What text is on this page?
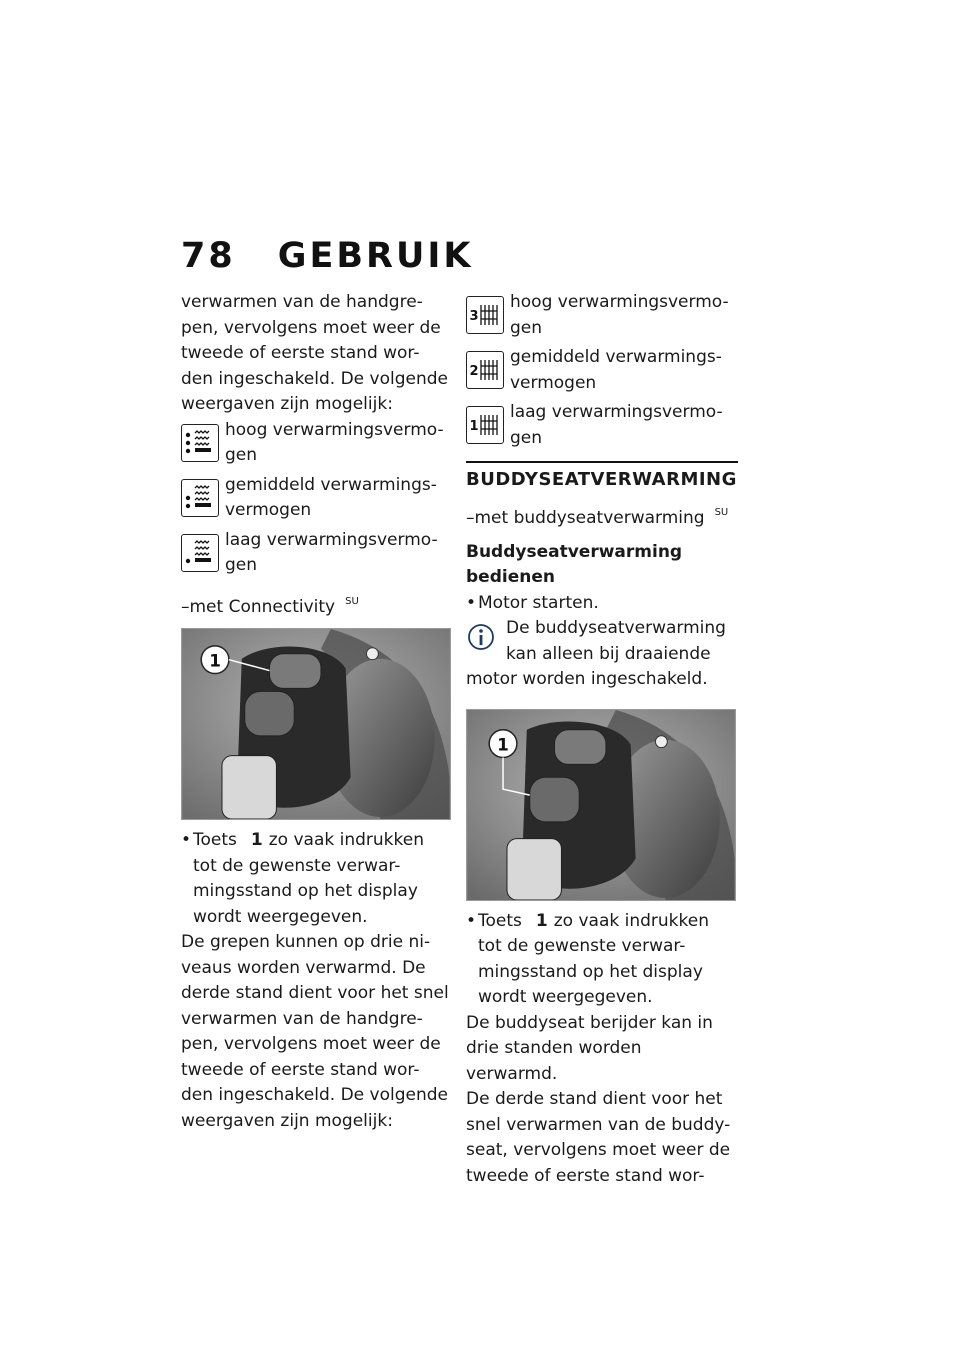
78 GEBRUIK

verwarmen van de handgre-
pen, vervolgens moet weer de
tweede of eerste stand wor-
den ingeschakeld. De volgende
weergaven zijn mogelijk:

hoog verwarmingsvermo-
gen
gemiddeld verwarmings-
vermogen
laag verwarmingsvermo-
gen
–met Connectivity $^{SU}$
1
• Toets 1 zo vaak indrukken
tot de gewenste verwar-
mingsstand op het display
wordt weergegeven.

De grepen kunnen op drie ni-
veaus worden verwarmd. De
derde stand dient voor het snel
verwarmen van de handgre-
pen, vervolgens moet weer de
tweede of eerste stand wor-
den ingeschakeld. De volgende
weergaven zijn mogelijk:

3
hoog verwarmingsvermo-
gen
2
gemiddeld verwarmings-
vermogen
1
laag verwarmingsvermo-
gen
BUDDYSEATVERWARMING
–met buddyseatverwarming $^{SU}$
Buddyseatverwarming
bedienen
• Motor starten.
De buddyseatverwarming
kan alleen bij draaiende

motor worden ingeschakeld.

1
• Toets 1 zo vaak indrukken
tot de gewenste verwar-
mingsstand op het display
wordt weergegeven.

De buddyseat berijder kan in
drie standen worden verwarmd.
De derde stand dient voor het
snel verwarmen van de buddy-
seat, vervolgens moet weer de
tweede of eerste stand wor-
